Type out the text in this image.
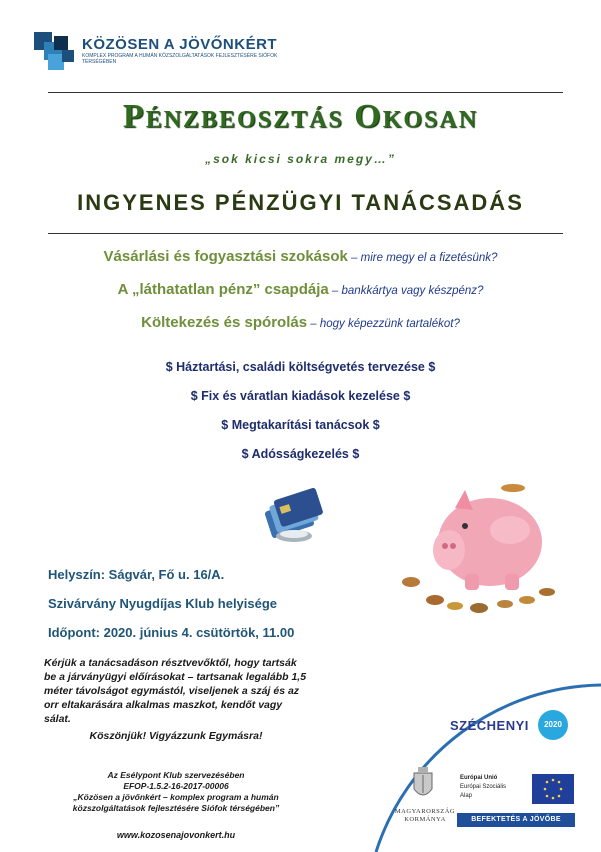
KÖZÖSEN A JÖVŐNKÉRT
KOMPLEX PROGRAM A HUMÁN KÖZSZOLGÁLTATÁSOK FEJLESZTÉSÉRE SIÓFOK TÉRSÉGÉBEN
Pénzbeosztás Okosan
„sok kicsi sokra megy…”
INGYENES PÉNZÜGYI TANÁCSADÁS
Vásárlási és fogyasztási szokások – mire megy el a fizetésünk?
A „láthatatlan pénz” csapdája – bankkártya vagy készpénz?
Költekezés és spórolás – hogy képezzünk tartalékot?
$ Háztartási, családi költségvetés tervezése $
$ Fix és váratlan kiadások kezelése $
$ Megtakarítási tanácsok $
$ Adósságkezelés $
Helyszín: Ságvár, Fő u. 16/A.
Szivárvány Nyugdíjas Klub helyisége
Időpont: 2020. június 4. csütörtök, 11.00
Kérjük a tanácsadáson résztvevőktől, hogy tartsák be a járványügyi előírásokat – tartsanak legalább 1,5 méter távolságot egymástól, viseljenek a száj és az orr eltakarására alkalmas maszkot, kendőt vagy sálat.
Köszönjük! Vigyázzunk Egymásra!
Az Esélypont Klub szervezésében
EFOP-1.5.2-16-2017-00006
„Közösen a jövőnkért – komplex program a humán közszolgáltatások fejlesztésére Siófok térségében”
www.kozosenajovonkert.hu
SZÉCHENYI	2020
MAGYARORSZÁG KORMÁNYA
Európai Unió
Európai Szociális
Alap
BEFEKTETÉS A JÖVŐBE
